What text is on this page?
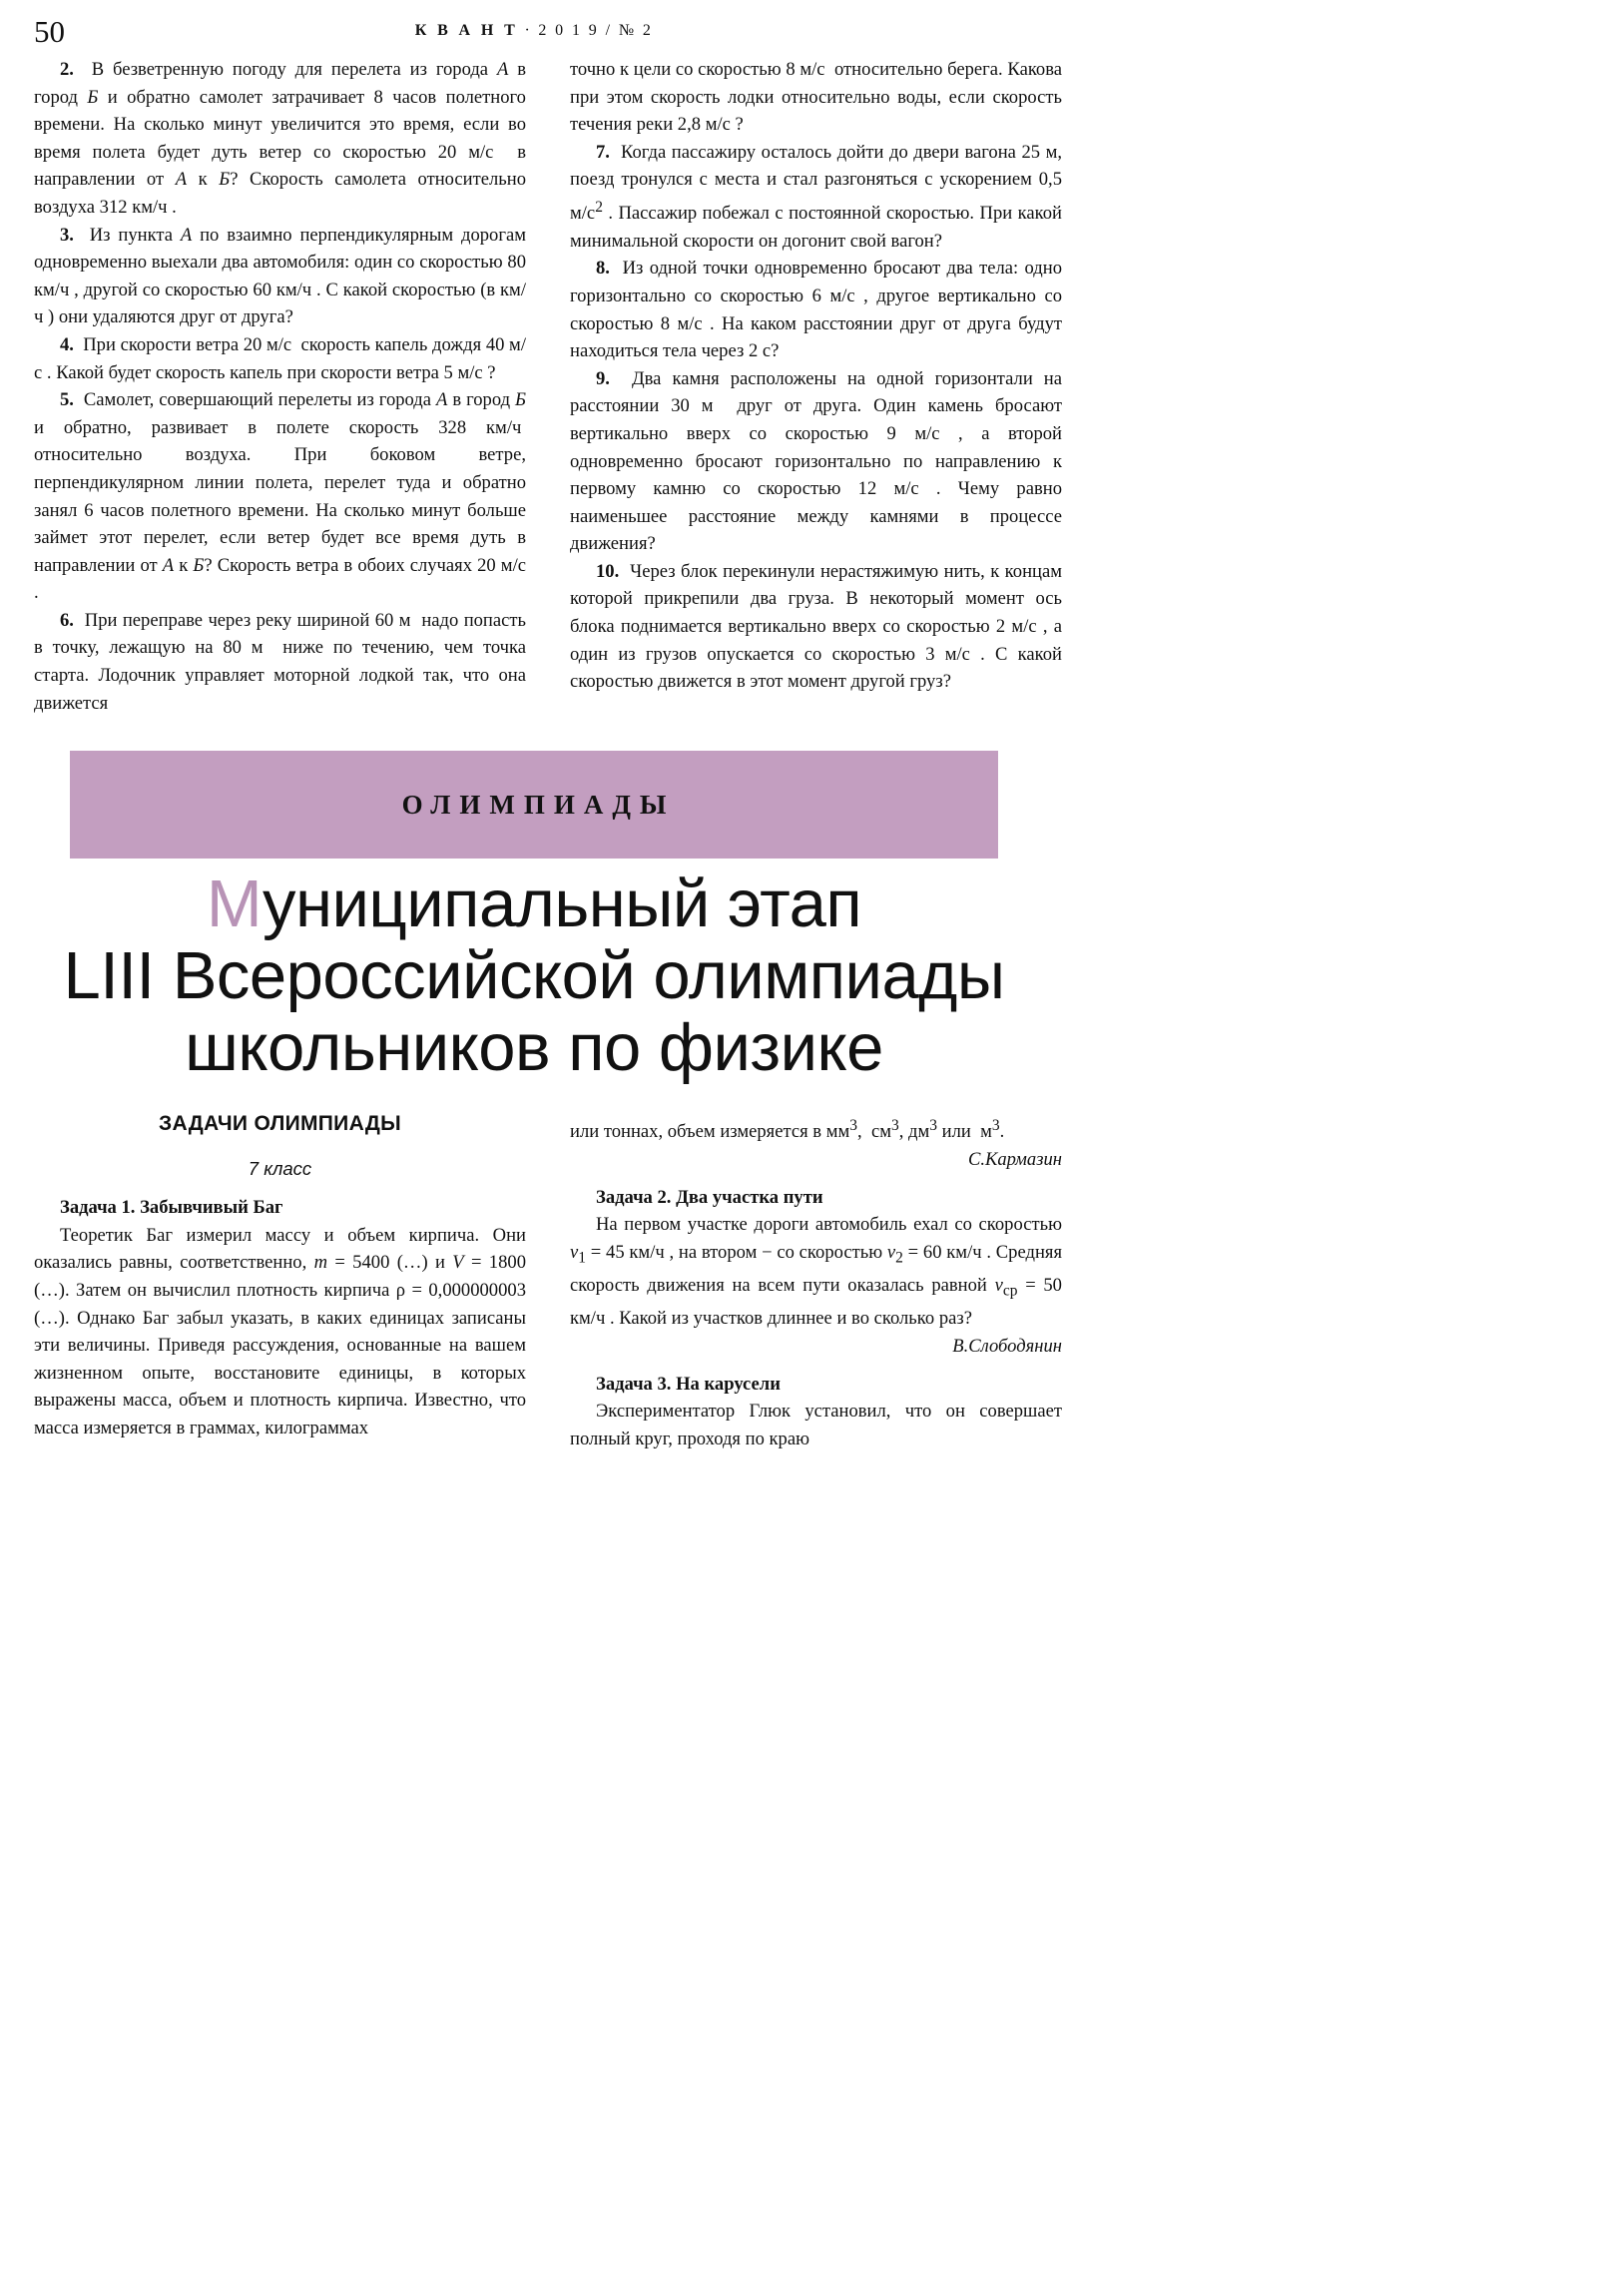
50	К В А Н Т · 2 0 1 9 / № 2

2.  В безветренную погоду для перелета из города А в город Б и обратно самолет затрачивает 8 часов полетного времени. На сколько минут увеличится это время, если во время полета будет дуть ветер со скоростью 20 м/с  в направлении от А к Б? Скорость самолета относительно воздуха 312 км/ч .

3.  Из пункта А по взаимно перпендикулярным дорогам одновременно выехали два автомобиля: один со скоростью 80 км/ч , другой со скоростью 60 км/ч . С какой скоростью (в км/ч ) они удаляются друг от друга?

4.  При скорости ветра 20 м/с  скорость капель дождя 40 м/с . Какой будет скорость капель при скорости ветра 5 м/с ?

5.  Самолет, совершающий перелеты из города А в город Б и обратно, развивает в полете скорость 328 км/ч  относительно воздуха. При боковом ветре, перпендикулярном линии полета, перелет туда и обратно занял 6 часов полетного времени. На сколько минут больше займет этот перелет, если ветер будет все время дуть в направлении от А к Б? Скорость ветра в обоих случаях 20 м/с .

6.  При переправе через реку шириной 60 м  надо попасть в точку, лежащую на 80 м  ниже по течению, чем точка старта. Лодочник управляет моторной лодкой так, что она движется

точно к цели со скоростью 8 м/с  относительно берега. Какова при этом скорость лодки относительно воды, если скорость течения реки 2,8 м/с ?

7.  Когда пассажиру осталось дойти до двери вагона 25 м, поезд тронулся с места и стал разгоняться с ускорением 0,5 $м/с^2$ . Пассажир побежал с постоянной скоростью. При какой минимальной скорости он догонит свой вагон?

8.  Из одной точки одновременно бросают два тела: одно горизонтально со скоростью 6 м/с , другое вертикально со скоростью 8 м/с . На каком расстоянии друг от друга будут находиться тела через 2 с?

9.  Два камня расположены на одной горизонтали на расстоянии 30 м  друг от друга. Один камень бросают вертикально вверх со скоростью 9 м/с , а второй одновременно бросают горизонтально по направлению к первому камню со скоростью 12 м/с . Чему равно наименьшее расстояние между камнями в процессе движения?

10.  Через блок перекинули нерастяжимую нить, к концам которой прикрепили два груза. В некоторый момент ось блока поднимается вертикально вверх со скоростью 2 м/с , а один из грузов опускается со скоростью 3 м/с . С какой скоростью движется в этот момент другой груз?

ОЛИМПИАДЫ
Муниципальный этап
LIII Всероссийской олимпиады
школьников по физике
ЗАДАЧИ ОЛИМПИАДЫ
7 класс

Задача 1. Забывчивый Баг

Теоретик Баг измерил массу и объем кирпича. Они оказались равны, соответственно, m = 5400 (…) и V = 1800 (…). Затем он вычислил плотность кирпича ρ = 0,000000003 (…). Однако Баг забыл указать, в каких единицах записаны эти величины. Приведя рассуждения, основанные на вашем жизненном опыте, восстановите единицы, в которых выражены масса, объем и плотность кирпича. Известно, что масса измеряется в граммах, килограммах

или тоннах, объем измеряется в $мм^3$,  $см^3$, $дм^3$ или  $м^3$.

С.Кармазин

Задача 2. Два участка пути

На первом участке дороги автомобиль ехал со скоростью $v_1 = 45$ км/ч , на втором − со скоростью $v_2 = 60$ км/ч . Средняя скорость движения на всем пути оказалась равной $v_{ср} = 50$ км/ч . Какой из участков длиннее и во сколько раз?

В.Слободянин

Задача 3. На карусели

Экспериментатор Глюк установил, что он совершает полный круг, проходя по краю
